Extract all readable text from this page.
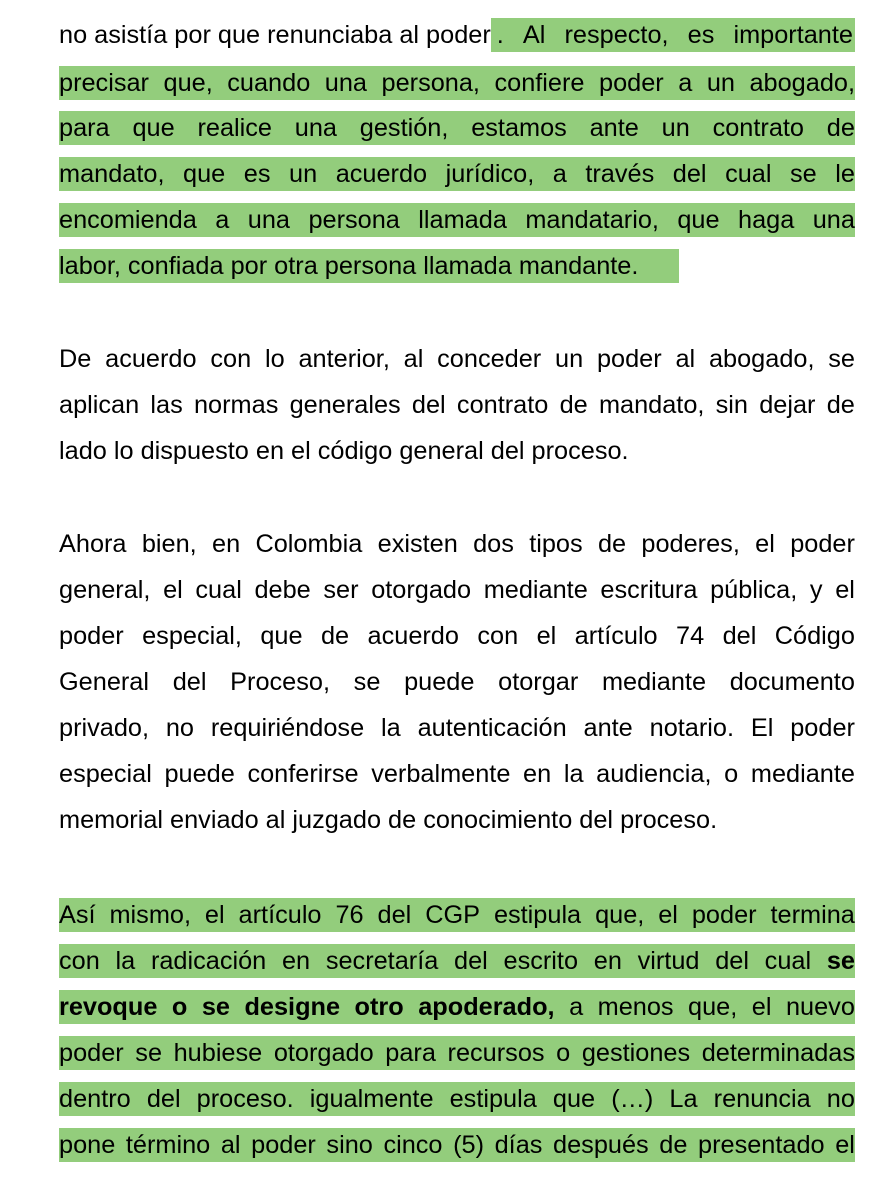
no asistía por que renunciaba al poder . Al respecto, es importante
precisar que, cuando una persona, confiere poder a un abogado,
para que realice una gestión, estamos ante un contrato de
mandato, que es un acuerdo jurídico, a través del cual se le
encomienda a una persona llamada mandatario, que haga una
labor, confiada por otra persona llamada mandante.
De acuerdo con lo anterior, al conceder un poder al abogado, se
aplican las normas generales del contrato de mandato, sin dejar de
lado lo dispuesto en el código general del proceso.
Ahora bien, en Colombia existen dos tipos de poderes, el poder
general, el cual debe ser otorgado mediante escritura pública, y el
poder especial, que de acuerdo con el artículo 74 del Código
General del Proceso, se puede otorgar mediante documento
privado, no requiriéndose la autenticación ante notario. El poder
especial puede conferirse verbalmente en la audiencia, o mediante
memorial enviado al juzgado de conocimiento del proceso.
Así mismo, el artículo 76 del CGP estipula que, el poder termina
con la radicación en secretaría del escrito en virtud del cual se
revoque o se designe otro apoderado, a menos que, el nuevo
poder se hubiese otorgado para recursos o gestiones determinadas
dentro del proceso. igualmente estipula que (…) La renuncia no
pone término al poder sino cinco (5) días después de presentado el
